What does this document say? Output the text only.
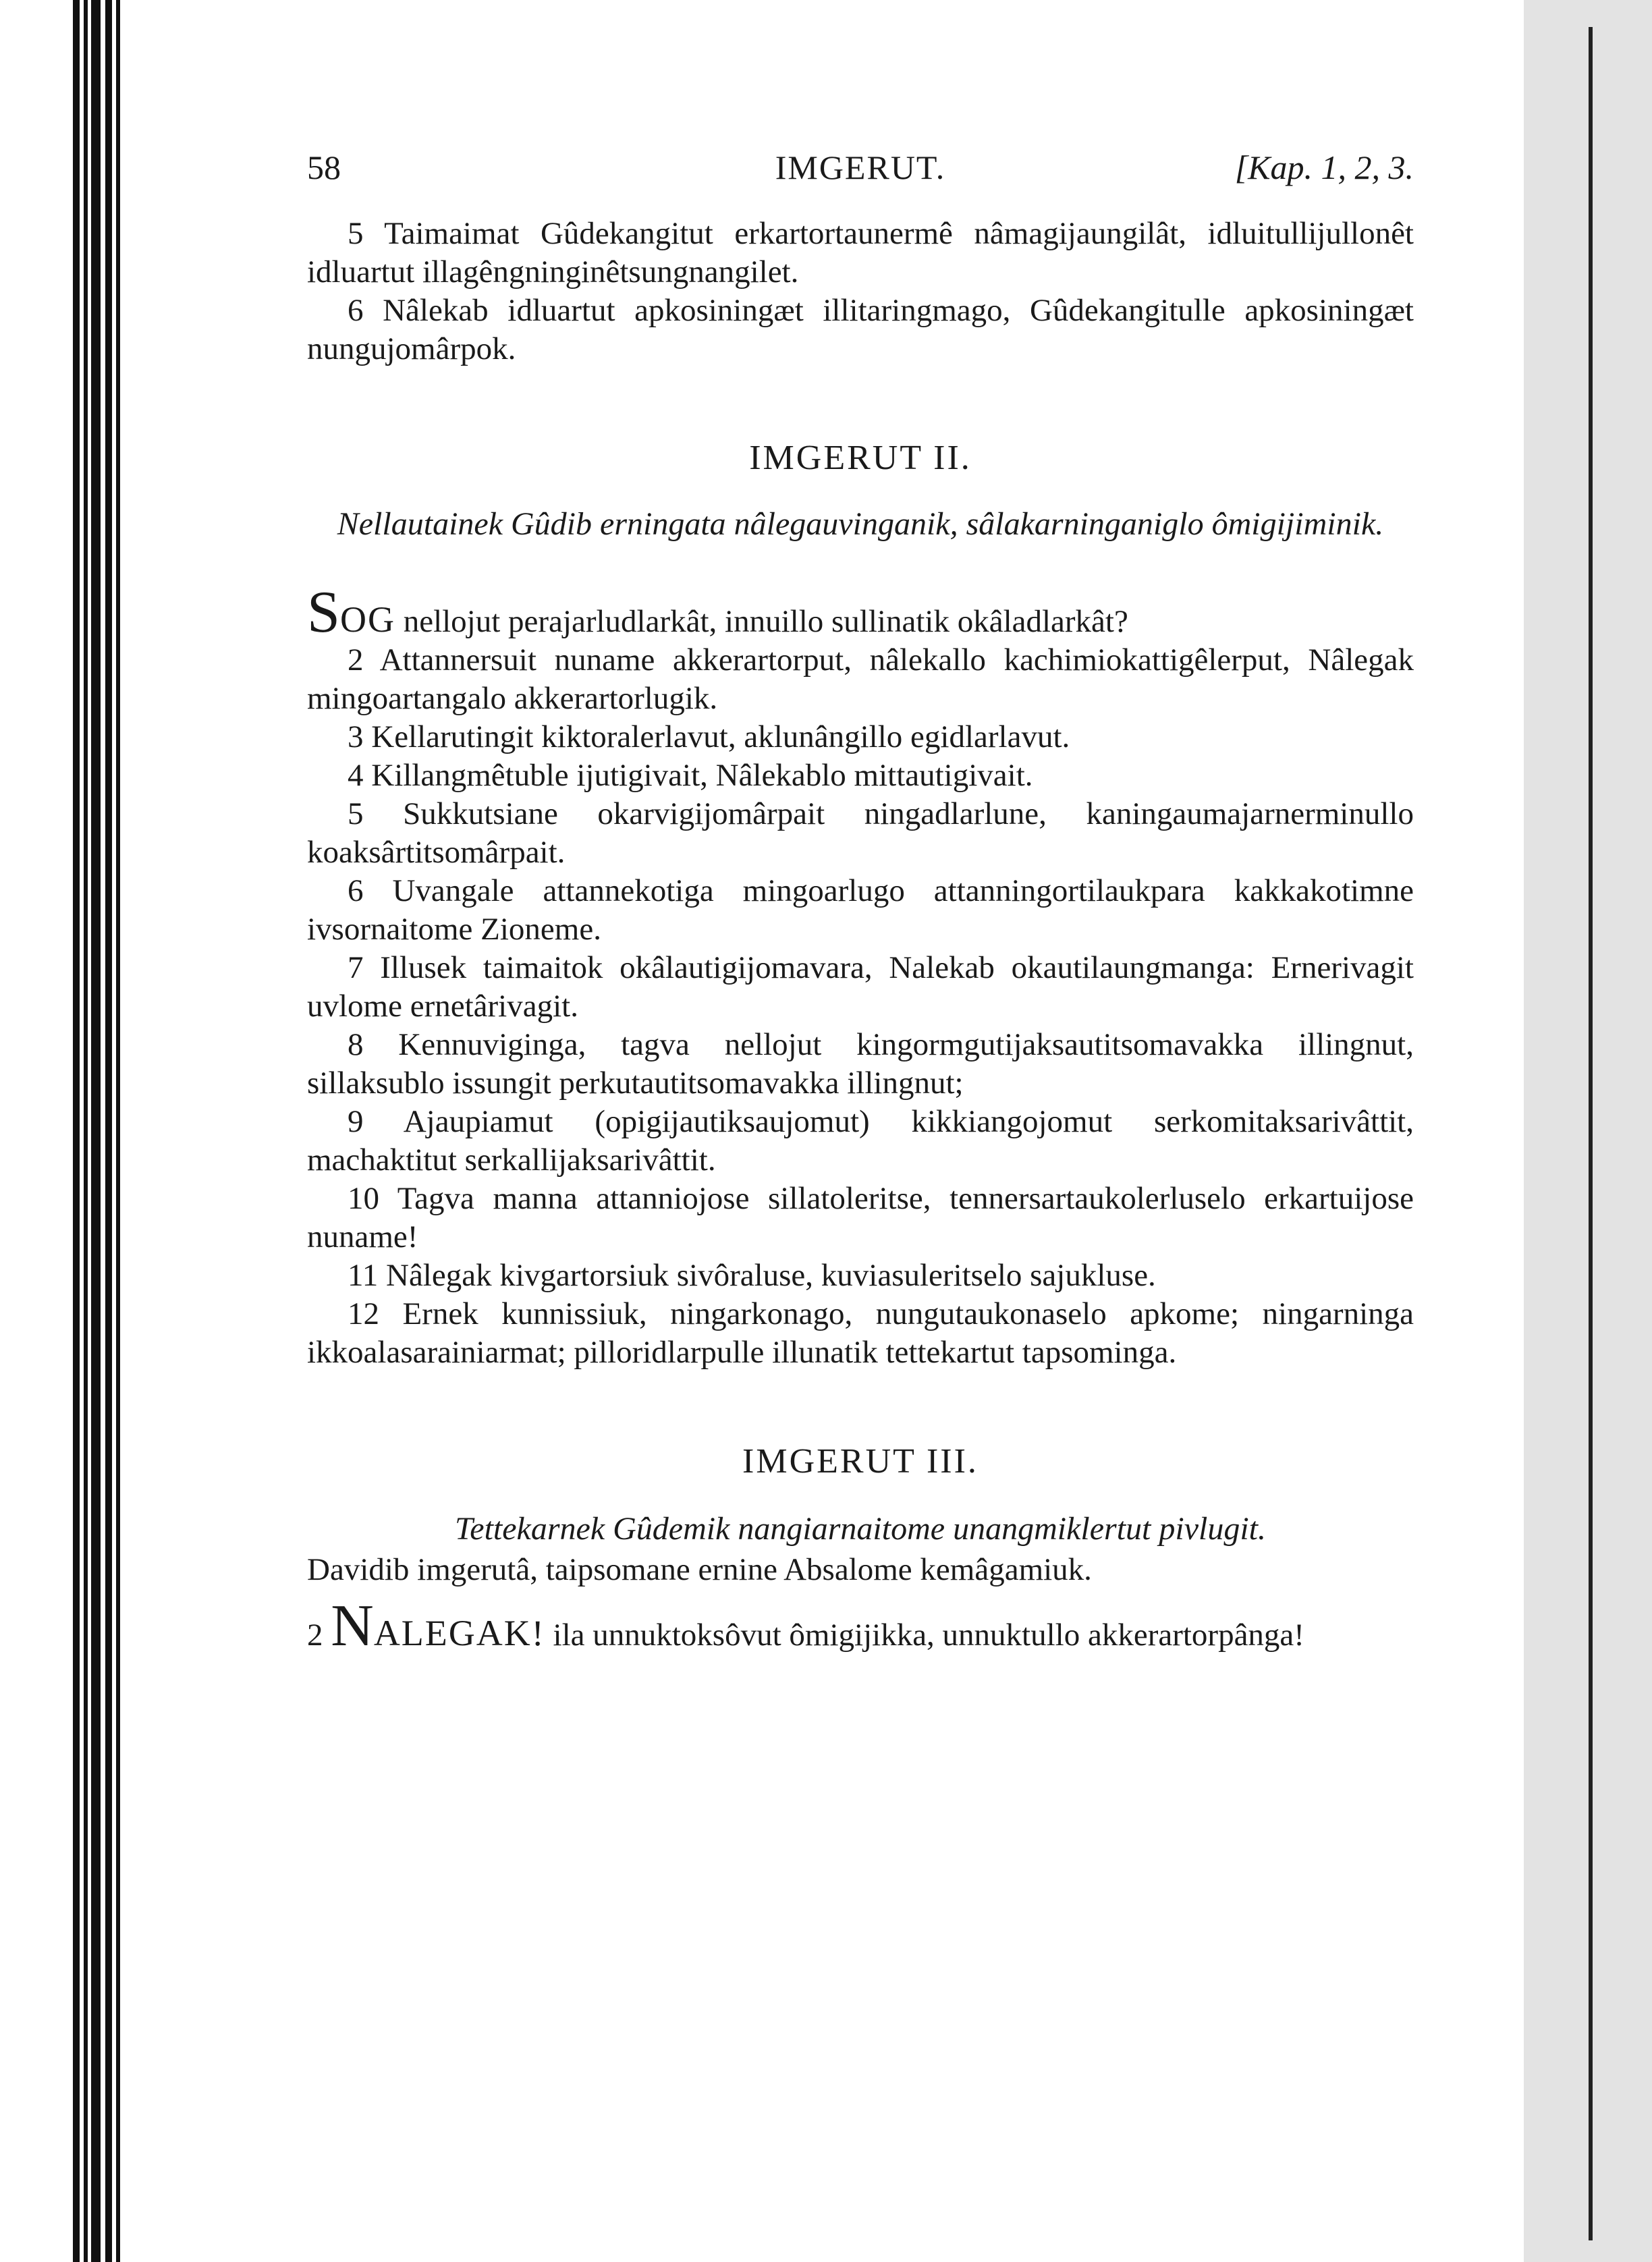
58	IMGERUT.	[Kap. 1, 2, 3.

5 Taimaimat Gûdekangitut erkartortaunermê nâmagijaungilât, idluitullijullonêt idluartut illagêngninginêtsungnangilet.

6 Nâlekab idluartut apkosiningæt illitaringmago, Gûdekangitulle apkosiningæt nungujomârpok.

IMGERUT II.

Nellautainek Gûdib erningata nâlegauvinganik, sâlakarninganiglo ômigijiminik.

SOG nellojut perajarludlarkât, innuillo sullinatik okâladlarkât?

2 Attannersuit nuname akkerartorput, nâlekallo kachimiokattigêlerput, Nâlegak mingoartangalo akkerartorlugik.

3 Kellarutingit kiktoralerlavut, aklunângillo egidlarlavut.

4 Killangmêtuble ijutigivait, Nâlekablo mittautigivait.

5 Sukkutsiane okarvigijomârpait ningadlarlune, kaningaumajarnerminullo koaksârtitsomârpait.

6 Uvangale attannekotiga mingoarlugo attanningortilaukpara kakkakotimne ivsornaitome Zioneme.

7 Illusek taimaitok okâlautigijomavara, Nalekab okautilaungmanga: Ernerivagit uvlome ernetârivagit.

8 Kennuviginga, tagva nellojut kingormgutijaksautitsomavakka illingnut, sillaksublo issungit perkutautitsomavakka illingnut;

9 Ajaupiamut (opigijautiksaujomut) kikkiangojomut serkomitaksarivâttit, machaktitut serkallijaksarivâttit.

10 Tagva manna attanniojose sillatoleritse, tennersartaukolerluselo erkartuijose nuname!

11 Nâlegak kivgartorsiuk sivôraluse, kuviasuleritselo sajukluse.

12 Ernek kunnissiuk, ningarkonago, nungutaukonaselo apkome; ningarninga ikkoalasarainiarmat; pilloridlarpulle illunatik tettekartut tapsominga.

IMGERUT III.

Tettekarnek Gûdemik nangiarnaitome unangmiklertut pivlugit.

Davidib imgerutâ, taipsomane ernine Absalome kemâgamiuk.

2 NALEGAK! ila unnuktoksôvut ômigijikka, unnuktullo akkerartorpânga!
